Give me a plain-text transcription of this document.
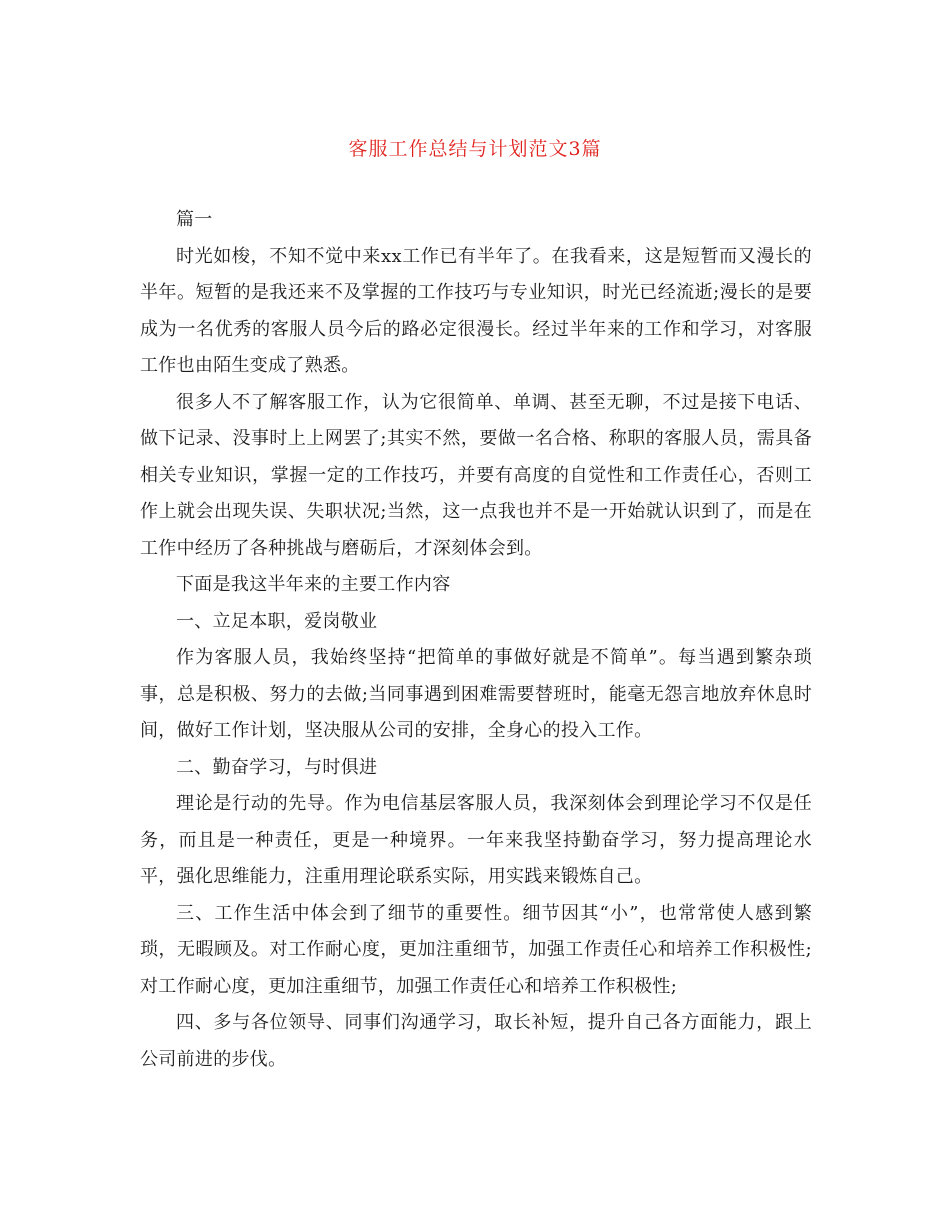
客服工作总结与计划范文3篇

篇一

时光如梭，不知不觉中来xx工作已有半年了。在我看来，这是短暂而又漫长的半年。短暂的是我还来不及掌握的工作技巧与专业知识，时光已经流逝;漫长的是要成为一名优秀的客服人员今后的路必定很漫长。经过半年来的工作和学习，对客服工作也由陌生变成了熟悉。

很多人不了解客服工作，认为它很简单、单调、甚至无聊，不过是接下电话、做下记录、没事时上上网罢了;其实不然，要做一名合格、称职的客服人员，需具备相关专业知识，掌握一定的工作技巧，并要有高度的自觉性和工作责任心，否则工作上就会出现失误、失职状况;当然，这一点我也并不是一开始就认识到了，而是在工作中经历了各种挑战与磨砺后，才深刻体会到。

下面是我这半年来的主要工作内容

一、立足本职，爱岗敬业

作为客服人员，我始终坚持“把简单的事做好就是不简单”。每当遇到繁杂琐事，总是积极、努力的去做;当同事遇到困难需要替班时，能毫无怨言地放弃休息时间，做好工作计划，坚决服从公司的安排，全身心的投入工作。

二、勤奋学习，与时俱进

理论是行动的先导。作为电信基层客服人员，我深刻体会到理论学习不仅是任务，而且是一种责任，更是一种境界。一年来我坚持勤奋学习，努力提高理论水平，强化思维能力，注重用理论联系实际，用实践来锻炼自己。

三、工作生活中体会到了细节的重要性。细节因其“小”，也常常使人感到繁琐，无暇顾及。对工作耐心度，更加注重细节，加强工作责任心和培养工作积极性;对工作耐心度，更加注重细节，加强工作责任心和培养工作积极性;

四、多与各位领导、同事们沟通学习，取长补短，提升自己各方面能力，跟上公司前进的步伐。
